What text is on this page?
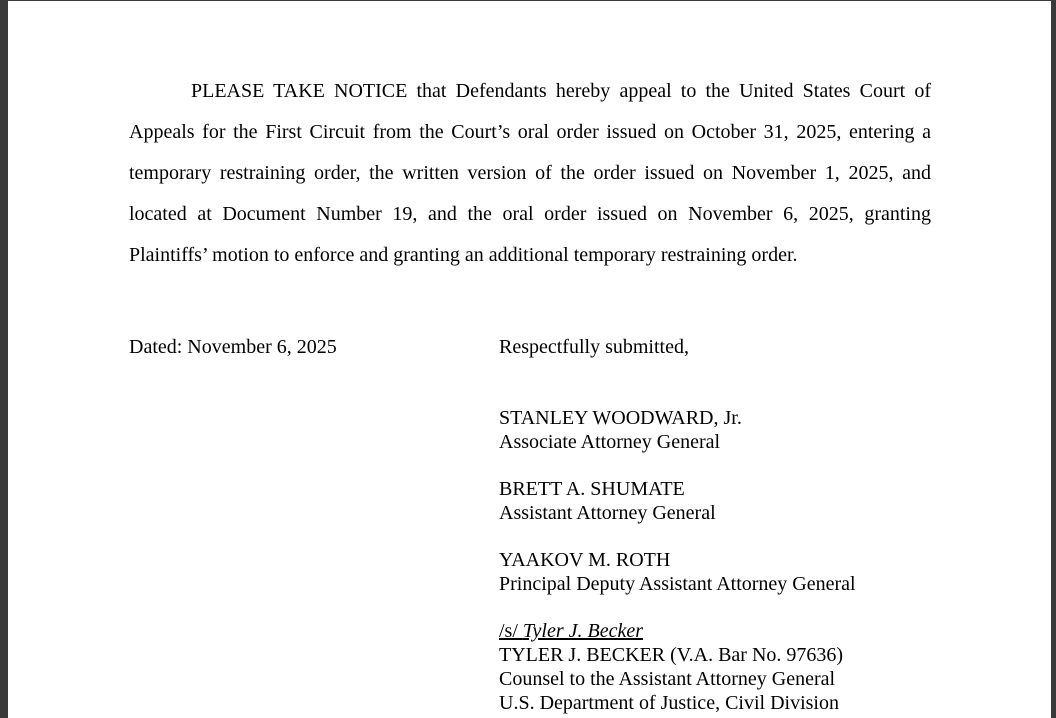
PLEASE TAKE NOTICE that Defendants hereby appeal to the United States Court of
Appeals for the First Circuit from the Court’s oral order issued on October 31, 2025, entering a
temporary restraining order, the written version of the order issued on November 1, 2025, and
located at Document Number 19, and the oral order issued on November 6, 2025, granting
Plaintiffs’ motion to enforce and granting an additional temporary restraining order.
Dated: November 6, 2025	Respectfully submitted,
STANLEY WOODWARD, Jr.
Associate Attorney General
BRETT A. SHUMATE
Assistant Attorney General
YAAKOV M. ROTH
Principal Deputy Assistant Attorney General
/s/ Tyler J. Becker
TYLER J. BECKER (V.A. Bar No. 97636)
Counsel to the Assistant Attorney General
U.S. Department of Justice, Civil Division
